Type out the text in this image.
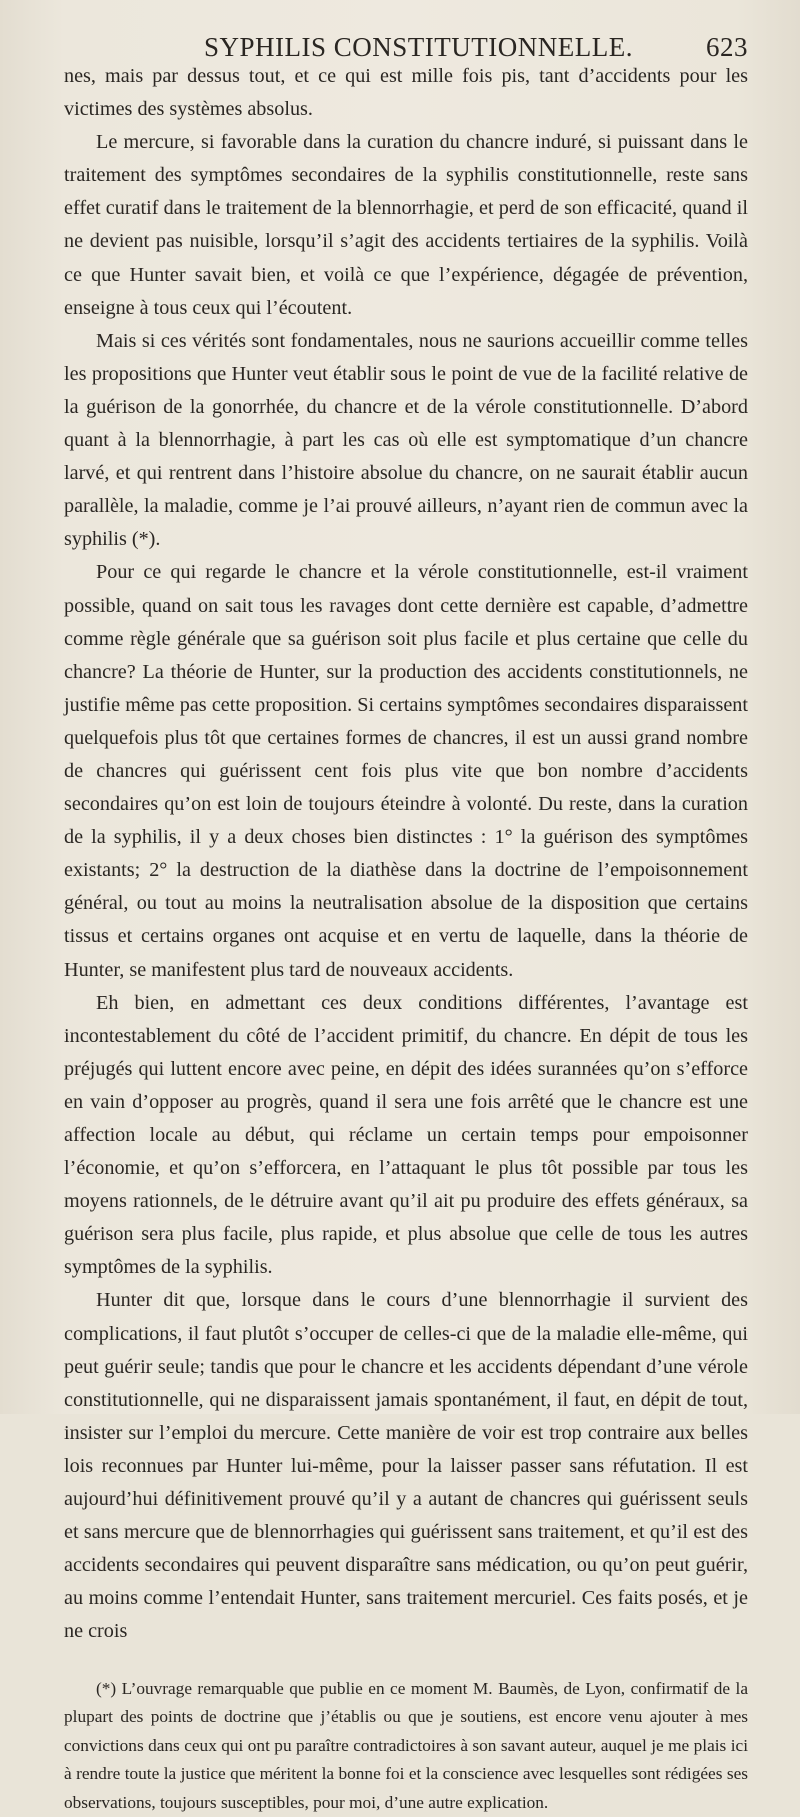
SYPHILIS CONSTITUTIONNELLE.	623

nes, mais par dessus tout, et ce qui est mille fois pis, tant d’accidents pour les victimes des systèmes absolus.

Le mercure, si favorable dans la curation du chancre induré, si puissant dans le traitement des symptômes secondaires de la syphilis constitutionnelle, reste sans effet curatif dans le traitement de la blennorrhagie, et perd de son efficacité, quand il ne devient pas nuisible, lorsqu’il s’agit des accidents tertiaires de la syphilis. Voilà ce que Hunter savait bien, et voilà ce que l’expérience, dégagée de prévention, enseigne à tous ceux qui l’écoutent.

Mais si ces vérités sont fondamentales, nous ne saurions accueillir comme telles les propositions que Hunter veut établir sous le point de vue de la facilité relative de la guérison de la gonorrhée, du chancre et de la vérole constitutionnelle. D’abord quant à la blennorrhagie, à part les cas où elle est symptomatique d’un chancre larvé, et qui rentrent dans l’histoire absolue du chancre, on ne saurait établir aucun parallèle, la maladie, comme je l’ai prouvé ailleurs, n’ayant rien de commun avec la syphilis (*).

Pour ce qui regarde le chancre et la vérole constitutionnelle, est-il vraiment possible, quand on sait tous les ravages dont cette dernière est capable, d’admettre comme règle générale que sa guérison soit plus facile et plus certaine que celle du chancre? La théorie de Hunter, sur la production des accidents constitutionnels, ne justifie même pas cette proposition. Si certains symptômes secondaires disparaissent quelquefois plus tôt que certaines formes de chancres, il est un aussi grand nombre de chancres qui guérissent cent fois plus vite que bon nombre d’accidents secondaires qu’on est loin de toujours éteindre à volonté. Du reste, dans la curation de la syphilis, il y a deux choses bien distinctes : 1° la guérison des symptômes existants; 2° la destruction de la diathèse dans la doctrine de l’empoisonnement général, ou tout au moins la neutralisation absolue de la disposition que certains tissus et certains organes ont acquise et en vertu de laquelle, dans la théorie de Hunter, se manifestent plus tard de nouveaux accidents.

Eh bien, en admettant ces deux conditions différentes, l’avantage est incontestablement du côté de l’accident primitif, du chancre. En dépit de tous les préjugés qui luttent encore avec peine, en dépit des idées surannées qu’on s’efforce en vain d’opposer au progrès, quand il sera une fois arrêté que le chancre est une affection locale au début, qui réclame un certain temps pour empoisonner l’économie, et qu’on s’efforcera, en l’attaquant le plus tôt possible par tous les moyens rationnels, de le détruire avant qu’il ait pu produire des effets généraux, sa guérison sera plus facile, plus rapide, et plus absolue que celle de tous les autres symptômes de la syphilis.

Hunter dit que, lorsque dans le cours d’une blennorrhagie il survient des complications, il faut plutôt s’occuper de celles-ci que de la maladie elle-même, qui peut guérir seule; tandis que pour le chancre et les accidents dépendant d’une vérole constitutionnelle, qui ne disparaissent jamais spontanément, il faut, en dépit de tout, insister sur l’emploi du mercure. Cette manière de voir est trop contraire aux belles lois reconnues par Hunter lui-même, pour la laisser passer sans réfutation. Il est aujourd’hui définitivement prouvé qu’il y a autant de chancres qui guérissent seuls et sans mercure que de blennorrhagies qui guérissent sans traitement, et qu’il est des accidents secondaires qui peuvent disparaître sans médication, ou qu’on peut guérir, au moins comme l’entendait Hunter, sans traitement mercuriel. Ces faits posés, et je ne crois

(*) L’ouvrage remarquable que publie en ce moment M. Baumès, de Lyon, confirmatif de la plupart des points de doctrine que j’établis ou que je soutiens, est encore venu ajouter à mes convictions dans ceux qui ont pu paraître contradictoires à son savant auteur, auquel je me plais ici à rendre toute la justice que méritent la bonne foi et la conscience avec lesquelles sont rédigées ses observations, toujours susceptibles, pour moi, d’une autre explication.
